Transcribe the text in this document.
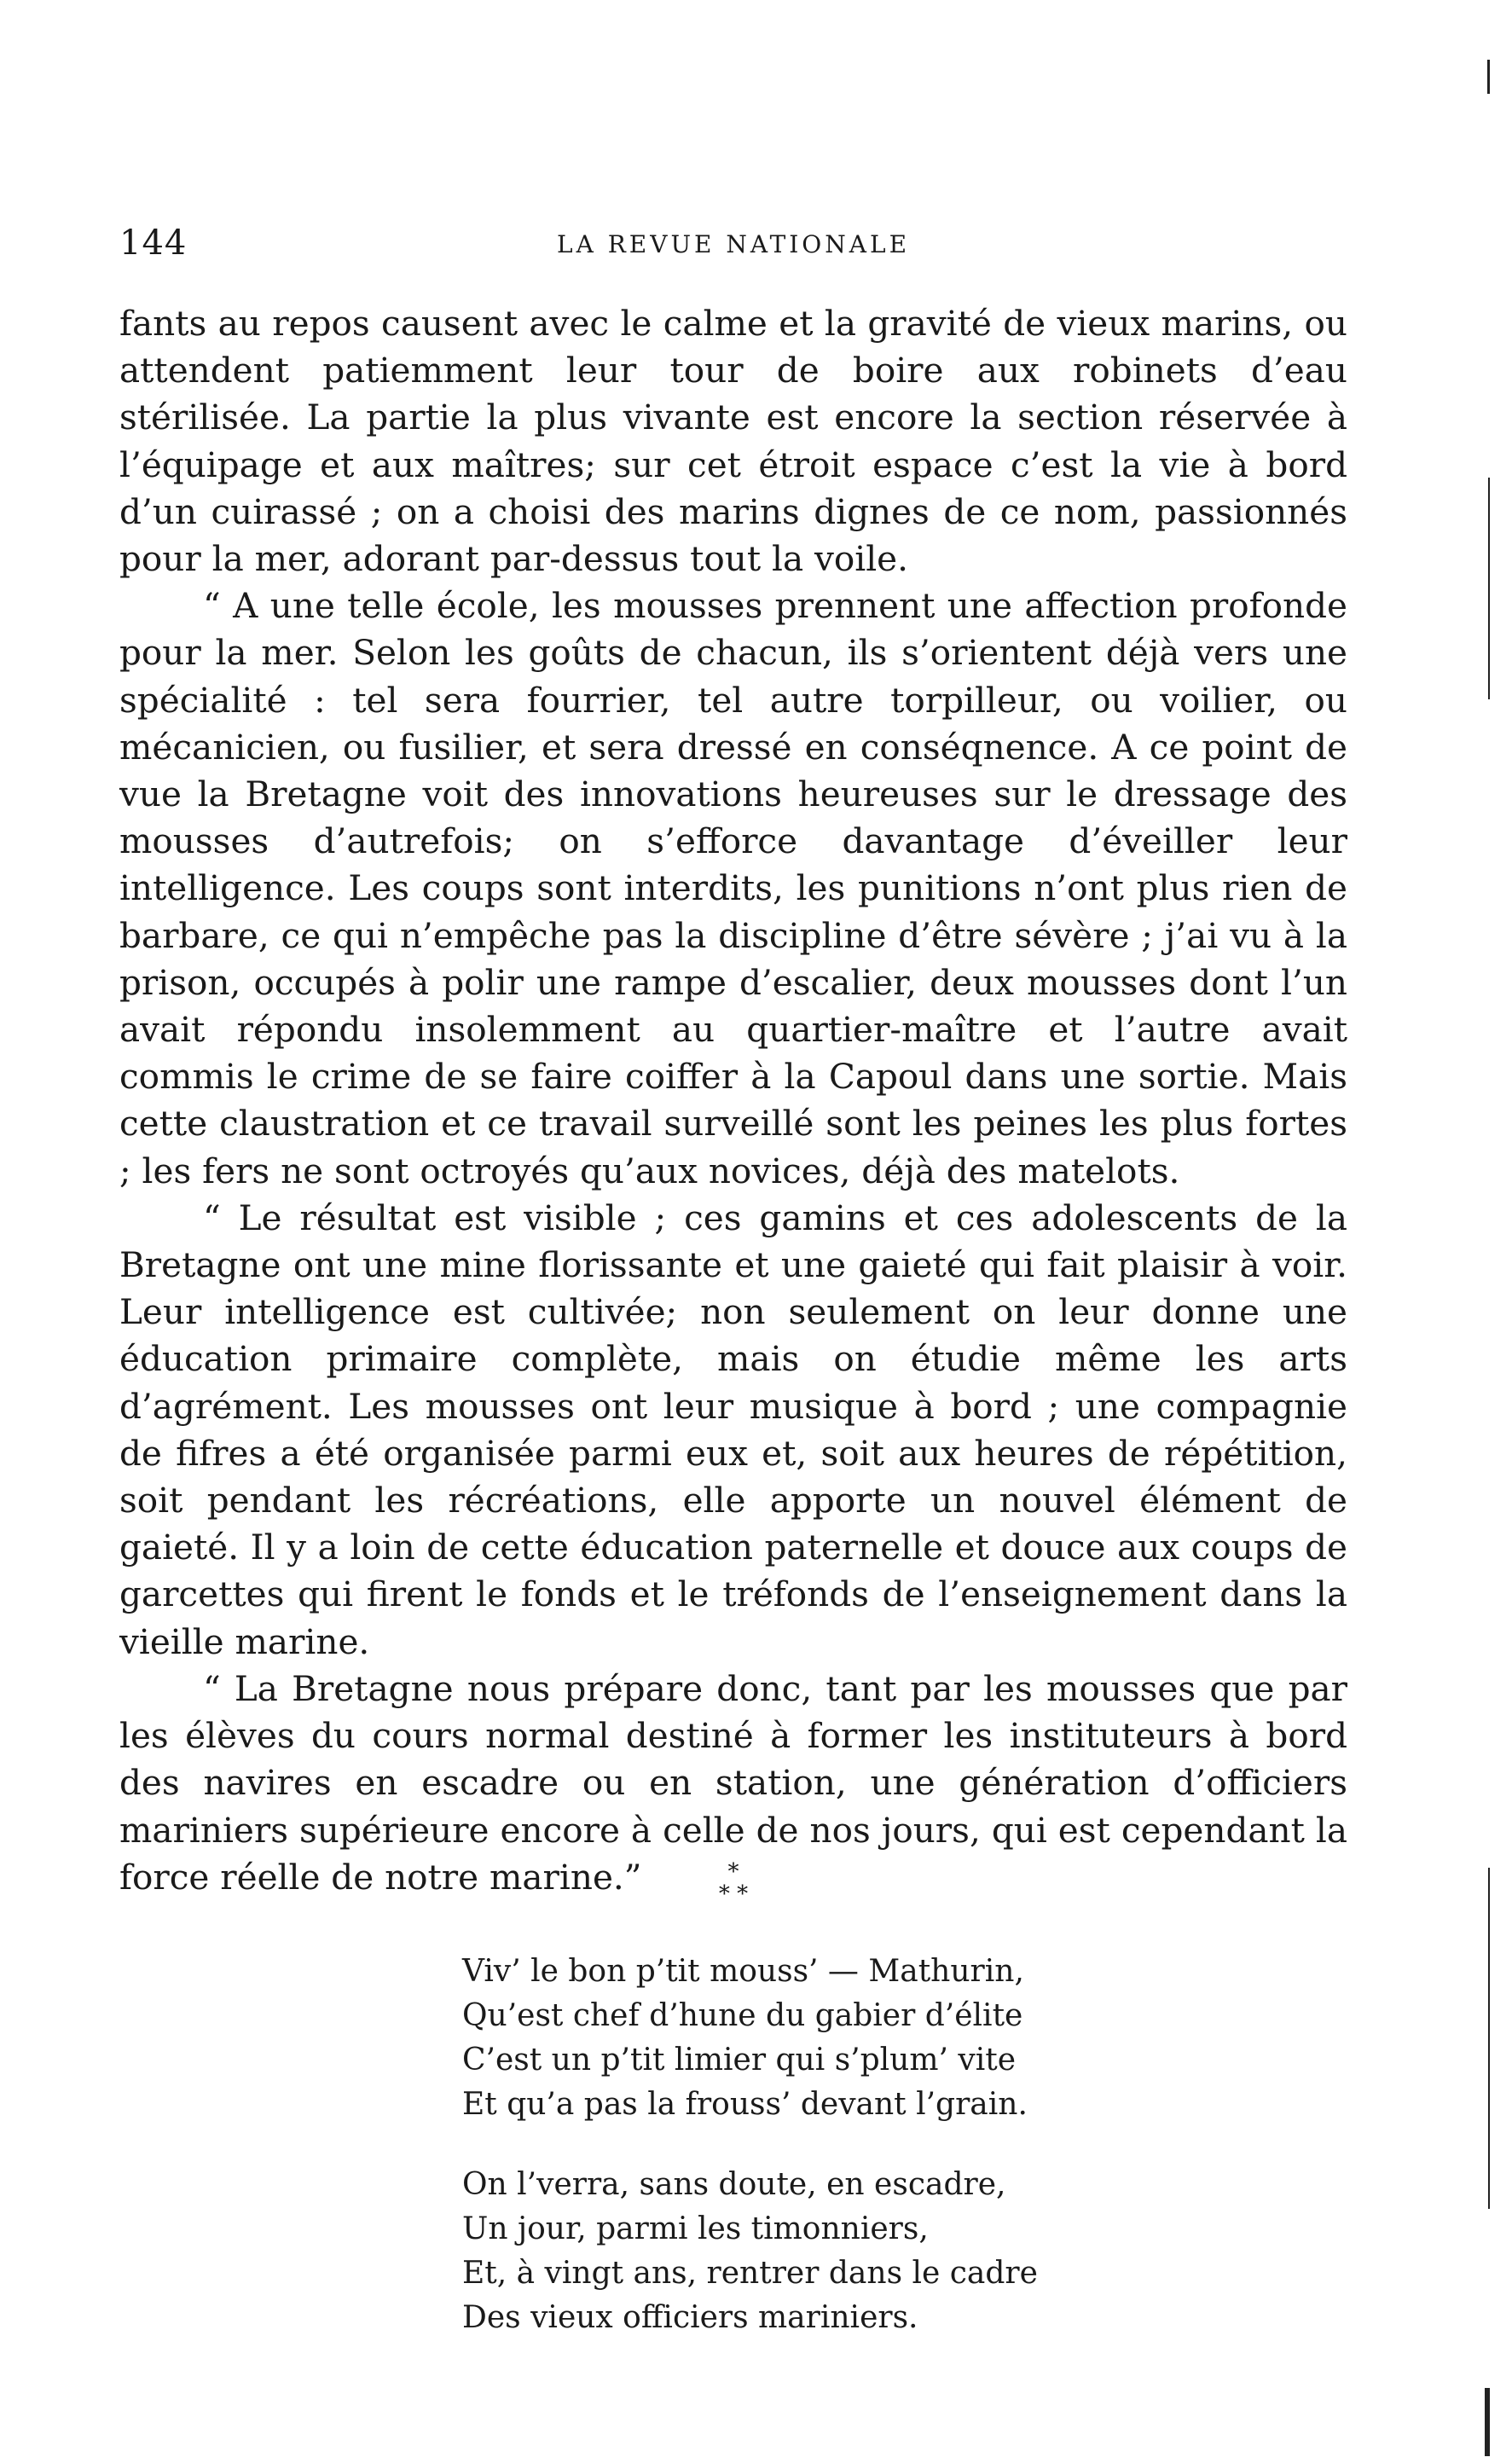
144	LA REVUE NATIONALE

fants au repos causent avec le calme et la gravité de vieux marins, ou attendent patiemment leur tour de boire aux robinets d’eau stérilisée. La partie la plus vivante est encore la section réservée à l’équipage et aux maîtres; sur cet étroit espace c’est la vie à bord d’un cuirassé ; on a choisi des marins dignes de ce nom, passionnés pour la mer, adorant par-dessus tout la voile.

“ A une telle école, les mousses prennent une affection profonde pour la mer. Selon les goûts de chacun, ils s’orientent déjà vers une spécialité : tel sera fourrier, tel autre torpilleur, ou voilier, ou mécanicien, ou fusilier, et sera dressé en conséqnence. A ce point de vue la Bretagne voit des innovations heureuses sur le dressage des mousses d’autrefois; on s’efforce davantage d’éveiller leur intelligence. Les coups sont interdits, les punitions n’ont plus rien de barbare, ce qui n’empêche pas la discipline d’être sévère ; j’ai vu à la prison, occupés à polir une rampe d’escalier, deux mousses dont l’un avait répondu insolemment au quartier-maître et l’autre avait commis le crime de se faire coiffer à la Capoul dans une sortie. Mais cette claustration et ce travail surveillé sont les peines les plus fortes ; les fers ne sont octroyés qu’aux novices, déjà des matelots.

“ Le résultat est visible ; ces gamins et ces adolescents de la Bretagne ont une mine florissante et une gaieté qui fait plaisir à voir. Leur intelligence est cultivée; non seulement on leur donne une éducation primaire complète, mais on étudie même les arts d’agrément. Les mousses ont leur musique à bord ; une compagnie de fifres a été organisée parmi eux et, soit aux heures de répétition, soit pendant les récréations, elle apporte un nouvel élément de gaieté. Il y a loin de cette éducation paternelle et douce aux coups de garcettes qui firent le fonds et le tréfonds de l’enseignement dans la vieille marine.

“ La Bretagne nous prépare donc, tant par les mousses que par les élèves du cours normal destiné à former les instituteurs à bord des navires en escadre ou en station, une génération d’officiers mariniers supérieure encore à celle de nos jours, qui est cependant la force réelle de notre marine.”	*
* *
Viv’ le bon p’tit mouss’ — Mathurin,
Qu’est chef d’hune du gabier d’élite
C’est un p’tit limier qui s’plum’ vite
Et qu’a pas la frouss’ devant l’grain.
On l’verra, sans doute, en escadre,
Un jour, parmi les timonniers,
Et, à vingt ans, rentrer dans le cadre
Des vieux officiers mariniers.
